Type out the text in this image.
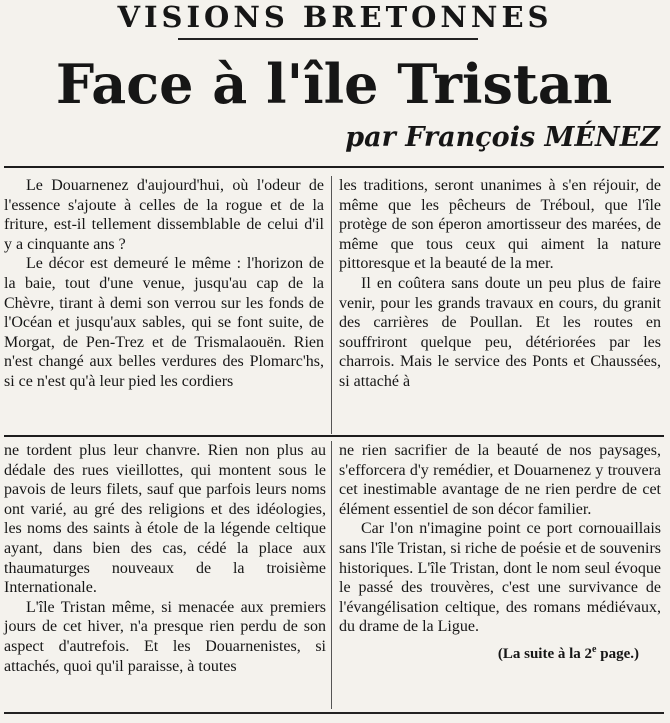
VISIONS BRETONNES
Face à l'île Tristan
par François MÉNEZ

Le Douarnenez d'aujourd'hui, où l'odeur de l'essence s'ajoute à celles de la rogue et de la friture, est-il tellement dissemblable de celui d'il y a cinquante ans ?

Le décor est demeuré le même : l'horizon de la baie, tout d'une venue, jusqu'au cap de la Chèvre, tirant à demi son verrou sur les fonds de l'Océan et jusqu'aux sables, qui se font suite, de Morgat, de Pen-Trez et de Trismalaouën. Rien n'est changé aux belles verdures des Plomarc'hs, si ce n'est qu'à leur pied les cordiers

les traditions, seront unanimes à s'en réjouir, de même que les pêcheurs de Tréboul, que l'île protège de son éperon amortisseur des marées, de même que tous ceux qui aiment la nature pittoresque et la beauté de la mer.

Il en coûtera sans doute un peu plus de faire venir, pour les grands travaux en cours, du granit des carrières de Poullan. Et les routes en souffriront quelque peu, détériorées par les charrois. Mais le service des Ponts et Chaussées, si attaché à

ne tordent plus leur chanvre. Rien non plus au dédale des rues vieillottes, qui montent sous le pavois de leurs filets, sauf que parfois leurs noms ont varié, au gré des religions et des idéologies, les noms des saints à étole de la légende celtique ayant, dans bien des cas, cédé la place aux thaumaturges nouveaux de la troisième Internationale.

L'île Tristan même, si menacée aux premiers jours de cet hiver, n'a presque rien perdu de son aspect d'autrefois. Et les Douarnenistes, si attachés, quoi qu'il paraisse, à toutes

ne rien sacrifier de la beauté de nos paysages, s'efforcera d'y remédier, et Douarnenez y trouvera cet inestimable avantage de ne rien perdre de cet élément essentiel de son décor familier.

Car l'on n'imagine point ce port cornouaillais sans l'île Tristan, si riche de poésie et de souvenirs historiques. L'île Tristan, dont le nom seul évoque le passé des trouvères, c'est une survivance de l'évangélisation celtique, des romans médiévaux, du drame de la Ligue.

(La suite à la 2e page.)
